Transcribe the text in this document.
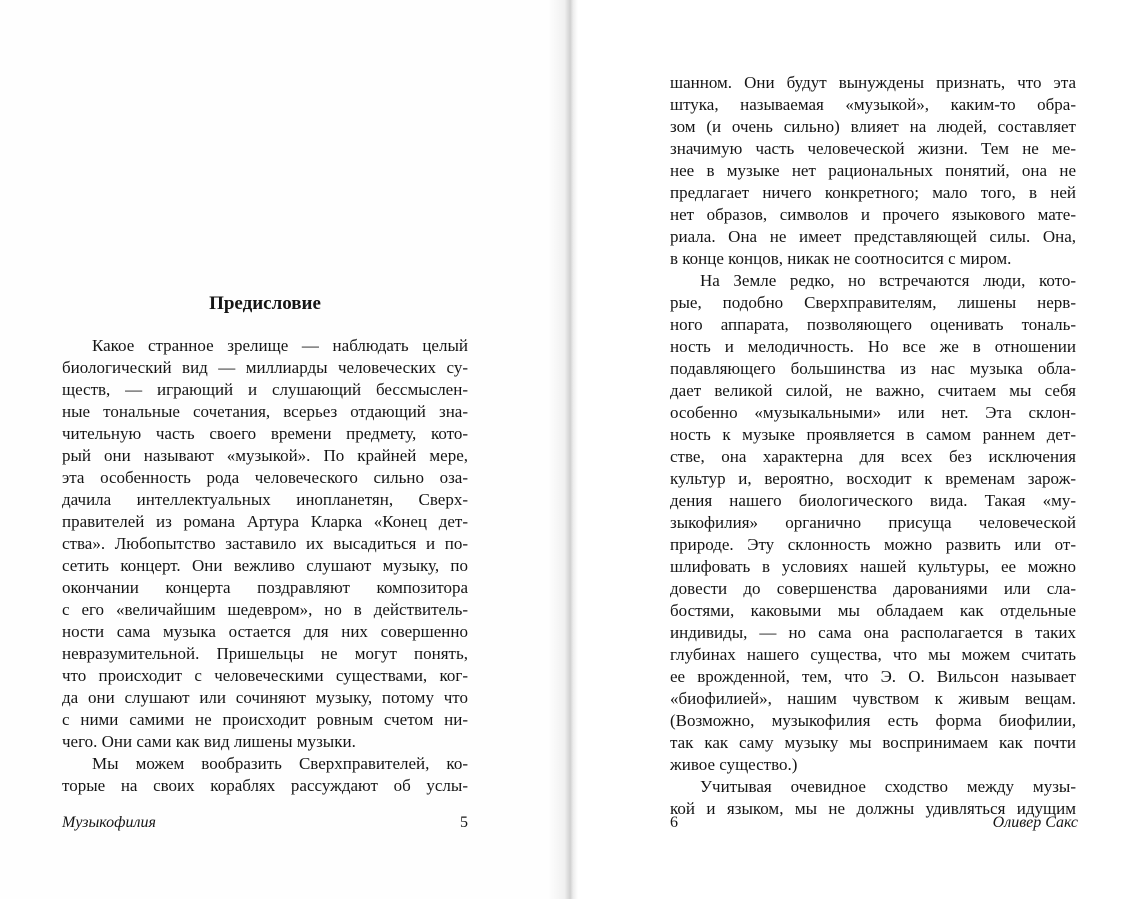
Предисловие
Какое странное зрелище — наблюдать целый
биологический вид — миллиарды человеческих су-
ществ, — играющий и слушающий бессмыслен-
ные тональные сочетания, всерьез отдающий зна-
чительную часть своего времени предмету, кото-
рый они называют «музыкой». По крайней мере,
эта особенность рода человеческого сильно оза-
дачила интеллектуальных инопланетян, Сверх-
правителей из романа Артура Кларка «Конец дет-
ства». Любопытство заставило их высадиться и по-
сетить концерт. Они вежливо слушают музыку, по
окончании концерта поздравляют композитора
с его «величайшим шедевром», но в действитель-
ности сама музыка остается для них совершенно
невразумительной. Пришельцы не могут понять,
что происходит с человеческими существами, ког-
да они слушают или сочиняют музыку, потому что
с ними самими не происходит ровным счетом ни-
чего. Они сами как вид лишены музыки.
Мы можем вообразить Сверхправителей, ко-
торые на своих кораблях рассуждают об услы-
Музыкофилия	5
шанном. Они будут вынуждены признать, что эта
штука, называемая «музыкой», каким-то обра-
зом (и очень сильно) влияет на людей, составляет
значимую часть человеческой жизни. Тем не ме-
нее в музыке нет рациональных понятий, она не
предлагает ничего конкретного; мало того, в ней
нет образов, символов и прочего языкового мате-
риала. Она не имеет представляющей силы. Она,
в конце концов, никак не соотносится с миром.
На Земле редко, но встречаются люди, кото-
рые, подобно Сверхправителям, лишены нерв-
ного аппарата, позволяющего оценивать тональ-
ность и мелодичность. Но все же в отношении
подавляющего большинства из нас музыка обла-
дает великой силой, не важно, считаем мы себя
особенно «музыкальными» или нет. Эта склон-
ность к музыке проявляется в самом раннем дет-
стве, она характерна для всех без исключения
культур и, вероятно, восходит к временам зарож-
дения нашего биологического вида. Такая «му-
зыкофилия» органично присуща человеческой
природе. Эту склонность можно развить или от-
шлифовать в условиях нашей культуры, ее можно
довести до совершенства дарованиями или сла-
бостями, каковыми мы обладаем как отдельные
индивиды, — но сама она располагается в таких
глубинах нашего существа, что мы можем считать
ее врожденной, тем, что Э. О. Вильсон называет
«биофилией», нашим чувством к живым вещам.
(Возможно, музыкофилия есть форма биофилии,
так как саму музыку мы воспринимаем как почти
живое существо.)
Учитывая очевидное сходство между музы-
кой и языком, мы не должны удивляться идущим
6	Оливер Сакс
